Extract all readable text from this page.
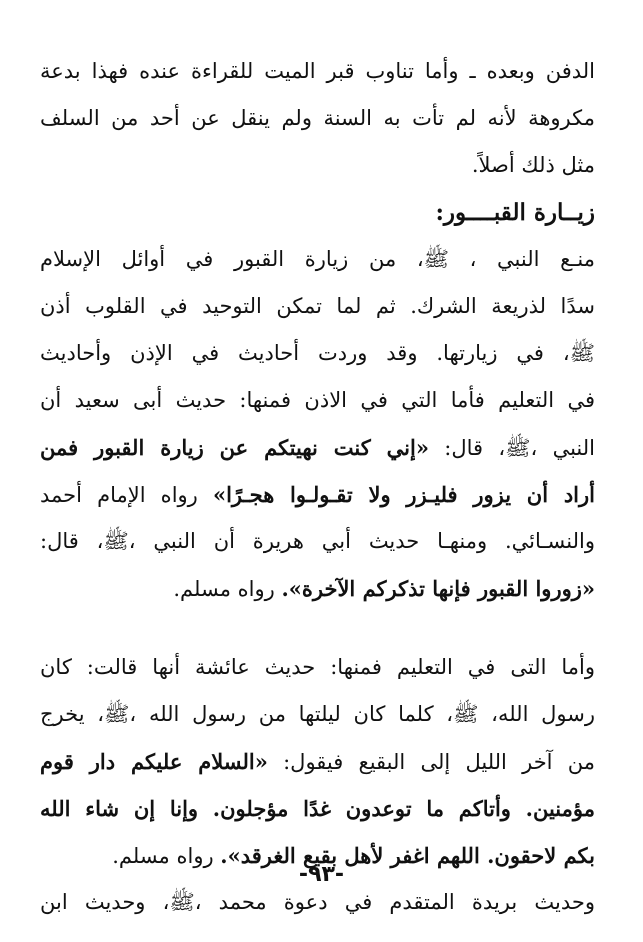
الدفن وبعده ـ وأما تناوب قبر الميت للقراءة عنده فهذا بدعة
مكروهة لأنه لم تأت به السنة ولم ينقل عن أحد من السلف
مثل ذلك أصلاً.
زيــارة القبــــور:
منـع النبي ، ﷺ، من زيارة القبور في أوائل الإسلام
سدًا لذريعة الشرك. ثم لما تمكن التوحيد في القلوب أذن
ﷺ، في زيارتها. وقد وردت أحاديث في الإذن وأحاديث
في التعليم فأما التي في الاذن فمنها: حديث أبى سعيد أن
النبي ،ﷺ، قال: «إني كنت نهيتكم عن زيارة القبور فمن
أراد أن يزور فليـزر ولا تقـولـوا هجـرًا» رواه الإمام أحمد
والنسـائي. ومنهـا حديث أبي هريرة أن النبي ،ﷺ، قال:
«زوروا القبور فإنها تذكركم الآخرة». رواه مسلم.
وأما التى في التعليم فمنها: حديث عائشة أنها قالت: كان
رسول الله، ﷺ، كلما كان ليلتها من رسول الله ،ﷺ، يخرج
من آخر الليل إلى البقيع فيقول: «السلام عليكم دار قوم
مؤمنين. وأتاكم ما توعدون غدًا مؤجلون. وإنا إن شاء الله
بكم لاحقون. اللهم اغفر لأهل بقيع الغرقد». رواه مسلم.
وحديث بريدة المتقدم في دعوة محمد ،ﷺ، وحديث ابن
-٩٣-
